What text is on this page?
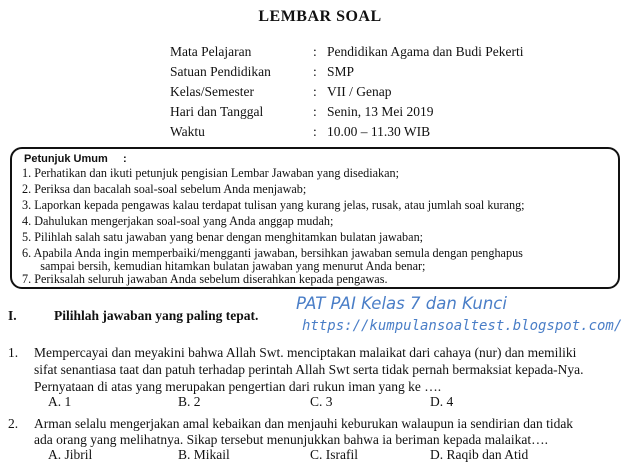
LEMBAR SOAL
Mata Pelajaran	: Pendidikan Agama dan Budi Pekerti
Satuan Pendidikan	: SMP
Kelas/Semester	: VII / Genap
Hari dan Tanggal	: Senin, 13 Mei 2019
Waktu	: 10.00 – 11.30 WIB
Petunjuk Umum     :
1. Perhatikan dan ikuti petunjuk pengisian Lembar Jawaban yang disediakan;
2. Periksa dan bacalah soal-soal sebelum Anda menjawab;
3. Laporkan kepada pengawas kalau terdapat tulisan yang kurang jelas, rusak, atau jumlah soal kurang;
4. Dahulukan mengerjakan soal-soal yang Anda anggap mudah;
5. Pilihlah salah satu jawaban yang benar dengan menghitamkan bulatan jawaban;
6. Apabila Anda ingin memperbaiki/mengganti jawaban, bersihkan jawaban semula dengan penghapus
sampai bersih, kemudian hitamkan bulatan jawaban yang menurut Anda benar;
7. Periksalah seluruh jawaban Anda sebelum diserahkan kepada pengawas.
PAT PAI Kelas 7 dan Kunci
https://kumpulansoaltest.blogspot.com/
I.	Pilihlah jawaban yang paling tepat.
1. Mempercayai dan meyakini bahwa Allah Swt. menciptakan malaikat dari cahaya (nur) dan memiliki
sifat senantiasa taat dan patuh terhadap perintah Allah Swt serta tidak pernah bermaksiat kepada-Nya.
Pernyataan di atas yang merupakan pengertian dari rukun iman yang ke ….
A. 1	B. 2	C. 3	D. 4
2. Arman selalu mengerjakan amal kebaikan dan menjauhi keburukan walaupun ia sendirian dan tidak
ada orang yang melihatnya. Sikap tersebut menunjukkan bahwa ia beriman kepada malaikat….
A. Jibril	B. Mikail	C. Israfil	D. Raqib dan Atid
